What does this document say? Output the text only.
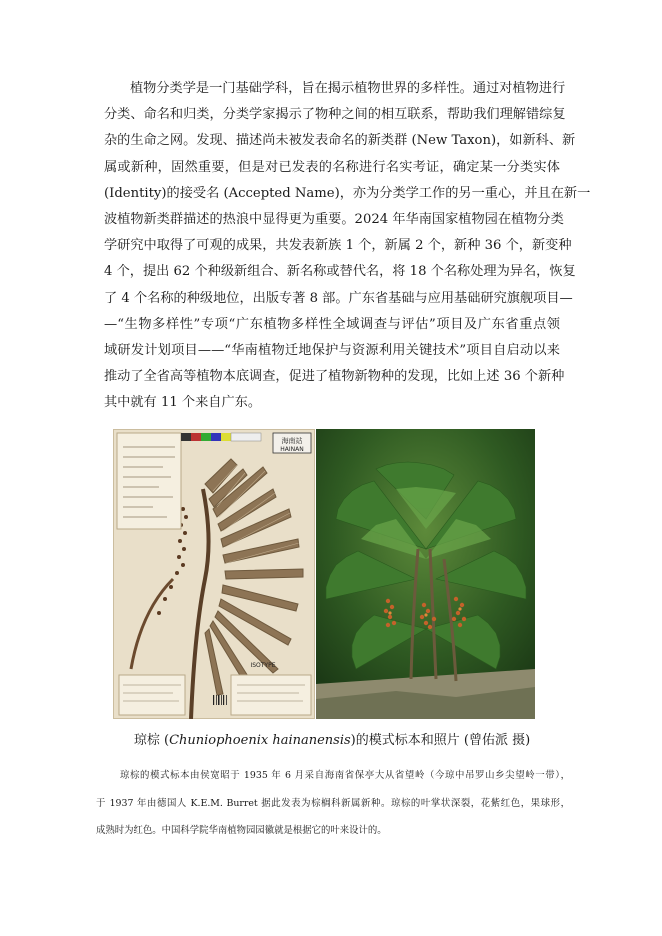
植物分类学是一门基础学科，旨在揭示植物世界的多样性。通过对植物进行
分类、命名和归类，分类学家揭示了物种之间的相互联系，帮助我们理解错综复
杂的生命之网。发现、描述尚未被发表命名的新类群 (New Taxon)，如新科、新
属或新种，固然重要，但是对已发表的名称进行名实考证，确定某一分类实体
(Identity)的接受名 (Accepted Name)，亦为分类学工作的另一重心，并且在新一
波植物新类群描述的热浪中显得更为重要。2024 年华南国家植物园在植物分类
学研究中取得了可观的成果，共发表新族 1 个，新属 2 个，新种 36 个，新变种
4 个，提出 62 个种级新组合、新名称或替代名，将 18 个名称处理为异名，恢复
了 4 个名称的种级地位，出版专著 8 部。广东省基础与应用基础研究旗舰项目—
—“生物多样性”专项“广东植物多样性全域调查与评估”项目及广东省重点领
域研发计划项目——“华南植物迁地保护与资源利用关键技术”项目自启动以来
推动了全省高等植物本底调查，促进了植物新物种的发现，比如上述 36 个新种
其中就有 11 个来自广东。
海南站
HAINAN
ISOTYPE
琼棕 (Chuniophoenix hainanensis)的模式标本和照片 (曾佑派 摄)
琼棕的模式标本由侯宽昭于 1935 年 6 月采自海南省保亭大从省望岭（今琼中吊罗山乡尖望岭一带），
于 1937 年由德国人 K.E.M. Burret 据此发表为棕榈科新属新种。琼棕的叶掌状深裂，花紫红色，果球形，
成熟时为红色。中国科学院华南植物园园徽就是根据它的叶来设计的。
